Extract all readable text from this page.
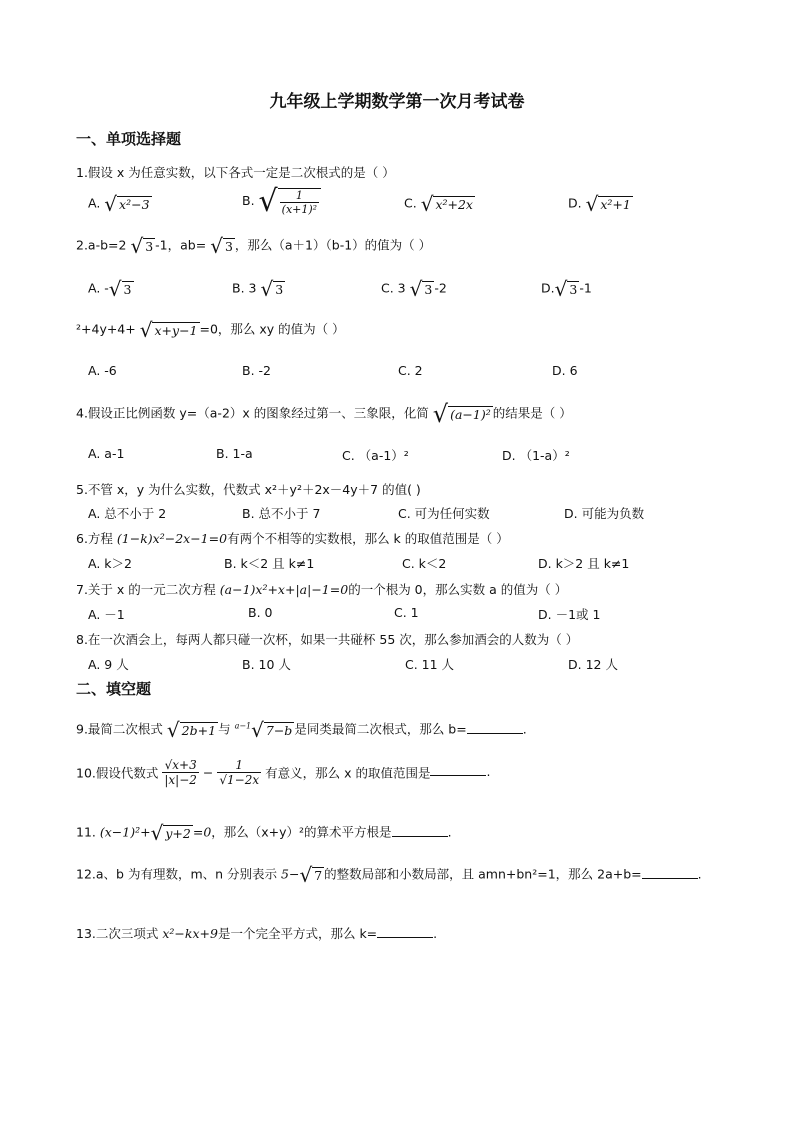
九年级上学期数学第一次月考试卷
一、单项选择题
1.假设 x 为任意实数，以下各式一定是二次根式的是（ ）
A. √ x²−3	B. √ $\frac{1}{\text{(x+1)²}}$	C. √ x²+2x	D. √ x²+1
2.a-b=2 √ 3 -1，ab= √ 3 ，那么（a＋1）（b-1）的值为（ ）
A. -√ 3	B. 3 √ 3	C. 3 √ 3 -2	D.√ 3 -1
²+4y+4+ √ x+y−1 =0，那么 xy 的值为（ ）
A. -6	B. -2	C. 2	D. 6
4.假设正比例函数 y=（a-2）x 的图象经过第一、三象限，化简 √ (a−1)² 的结果是（ ）
A. a-1	B. 1-a	C. （a-1）²	D. （1-a）²
5.不管 x，y 为什么实数，代数式 x²＋y²＋2x－4y＋7 的值( )
A. 总不小于 2	B. 总不小于 7	C. 可为任何实数	D. 可能为负数
6.方程 (1−k)x²−2x−1=0有两个不相等的实数根，那么 k 的取值范围是（ ）
A. k＞2	B. k＜2 且 k≠1	C. k＜2	D. k＞2 且 k≠1
7.关于 x 的一元二次方程 (a−1)x²+x+|a|−1=0的一个根为 0，那么实数 a 的值为（ ）
A. －1	B. 0	C. 1	D. －1或 1
8.在一次酒会上，每两人都只碰一次杯，如果一共碰杯 55 次，那么参加酒会的人数为（ ）
A. 9 人	B. 10 人	C. 11 人	D. 12 人
二、填空题
9.最简二次根式 √ 2b+1 与 $^{a-1}$√ 7−b 是同类最简二次根式，那么 b=	.
10.假设代数式 $\frac{√x+3}{|x|-2} - \frac{1}{√1-2x}$ 有意义，那么 x 的取值范围是	.
11. (x−1)²+√ y+2 =0，那么（x+y）²的算术平方根是	.
12.a、b 为有理数，m、n 分别表示 5−√ 7 的整数局部和小数局部，且 amn+bn²=1，那么 2a+b=	.
13.二次三项式 x²−kx+9是一个完全平方式，那么 k=	.
